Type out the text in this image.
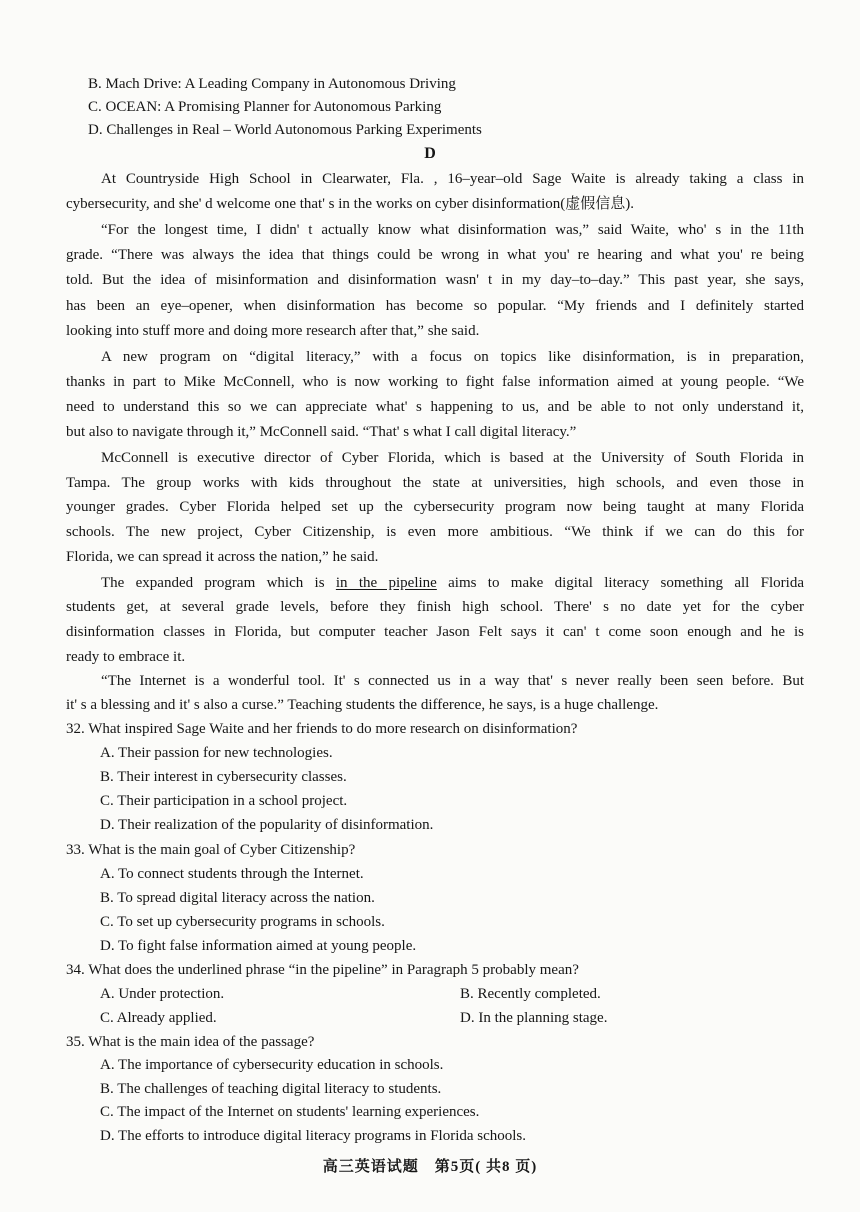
B. Mach Drive: A Leading Company in Autonomous Driving
C. OCEAN: A Promising Planner for Autonomous Parking
D. Challenges in Real – World Autonomous Parking Experiments
D
At Countryside High School in Clearwater, Fla. , 16–year–old Sage Waite is already taking a class in
cybersecurity, and she' d welcome one that' s in the works on cyber disinformation(虚假信息).
“For the longest time, I didn' t actually know what disinformation was,” said Waite, who' s in the 11th
grade. “There was always the idea that things could be wrong in what you' re hearing and what you' re being
told. But the idea of misinformation and disinformation wasn' t in my day–to–day.” This past year, she says,
has been an eye–opener, when disinformation has become so popular. “My friends and I definitely started
looking into stuff more and doing more research after that,” she said.
A new program on “digital literacy,” with a focus on topics like disinformation, is in preparation,
thanks in part to Mike McConnell, who is now working to fight false information aimed at young people. “We
need to understand this so we can appreciate what' s happening to us, and be able to not only understand it,
but also to navigate through it,” McConnell said. “That' s what I call digital literacy.”
McConnell is executive director of Cyber Florida, which is based at the University of South Florida in
Tampa. The group works with kids throughout the state at universities, high schools, and even those in
younger grades. Cyber Florida helped set up the cybersecurity program now being taught at many Florida
schools. The new project, Cyber Citizenship, is even more ambitious. “We think if we can do this for
Florida, we can spread it across the nation,” he said.
The expanded program which is in the pipeline aims to make digital literacy something all Florida
students get, at several grade levels, before they finish high school. There' s no date yet for the cyber
disinformation classes in Florida, but computer teacher Jason Felt says it can' t come soon enough and he is
ready to embrace it.
“The Internet is a wonderful tool. It' s connected us in a way that' s never really been seen before. But
it' s a blessing and it' s also a curse.” Teaching students the difference, he says, is a huge challenge.
32. What inspired Sage Waite and her friends to do more research on disinformation?
A. Their passion for new technologies.
B. Their interest in cybersecurity classes.
C. Their participation in a school project.
D. Their realization of the popularity of disinformation.
33. What is the main goal of Cyber Citizenship?
A. To connect students through the Internet.
B. To spread digital literacy across the nation.
C. To set up cybersecurity programs in schools.
D. To fight false information aimed at young people.
34. What does the underlined phrase “in the pipeline” in Paragraph 5 probably mean?
A. Under protection.	B. Recently completed.
C. Already applied.	D. In the planning stage.
35. What is the main idea of the passage?
A. The importance of cybersecurity education in schools.
B. The challenges of teaching digital literacy to students.
C. The impact of the Internet on students' learning experiences.
D. The efforts to introduce digital literacy programs in Florida schools.
高三英语试题　第5页( 共8 页)
